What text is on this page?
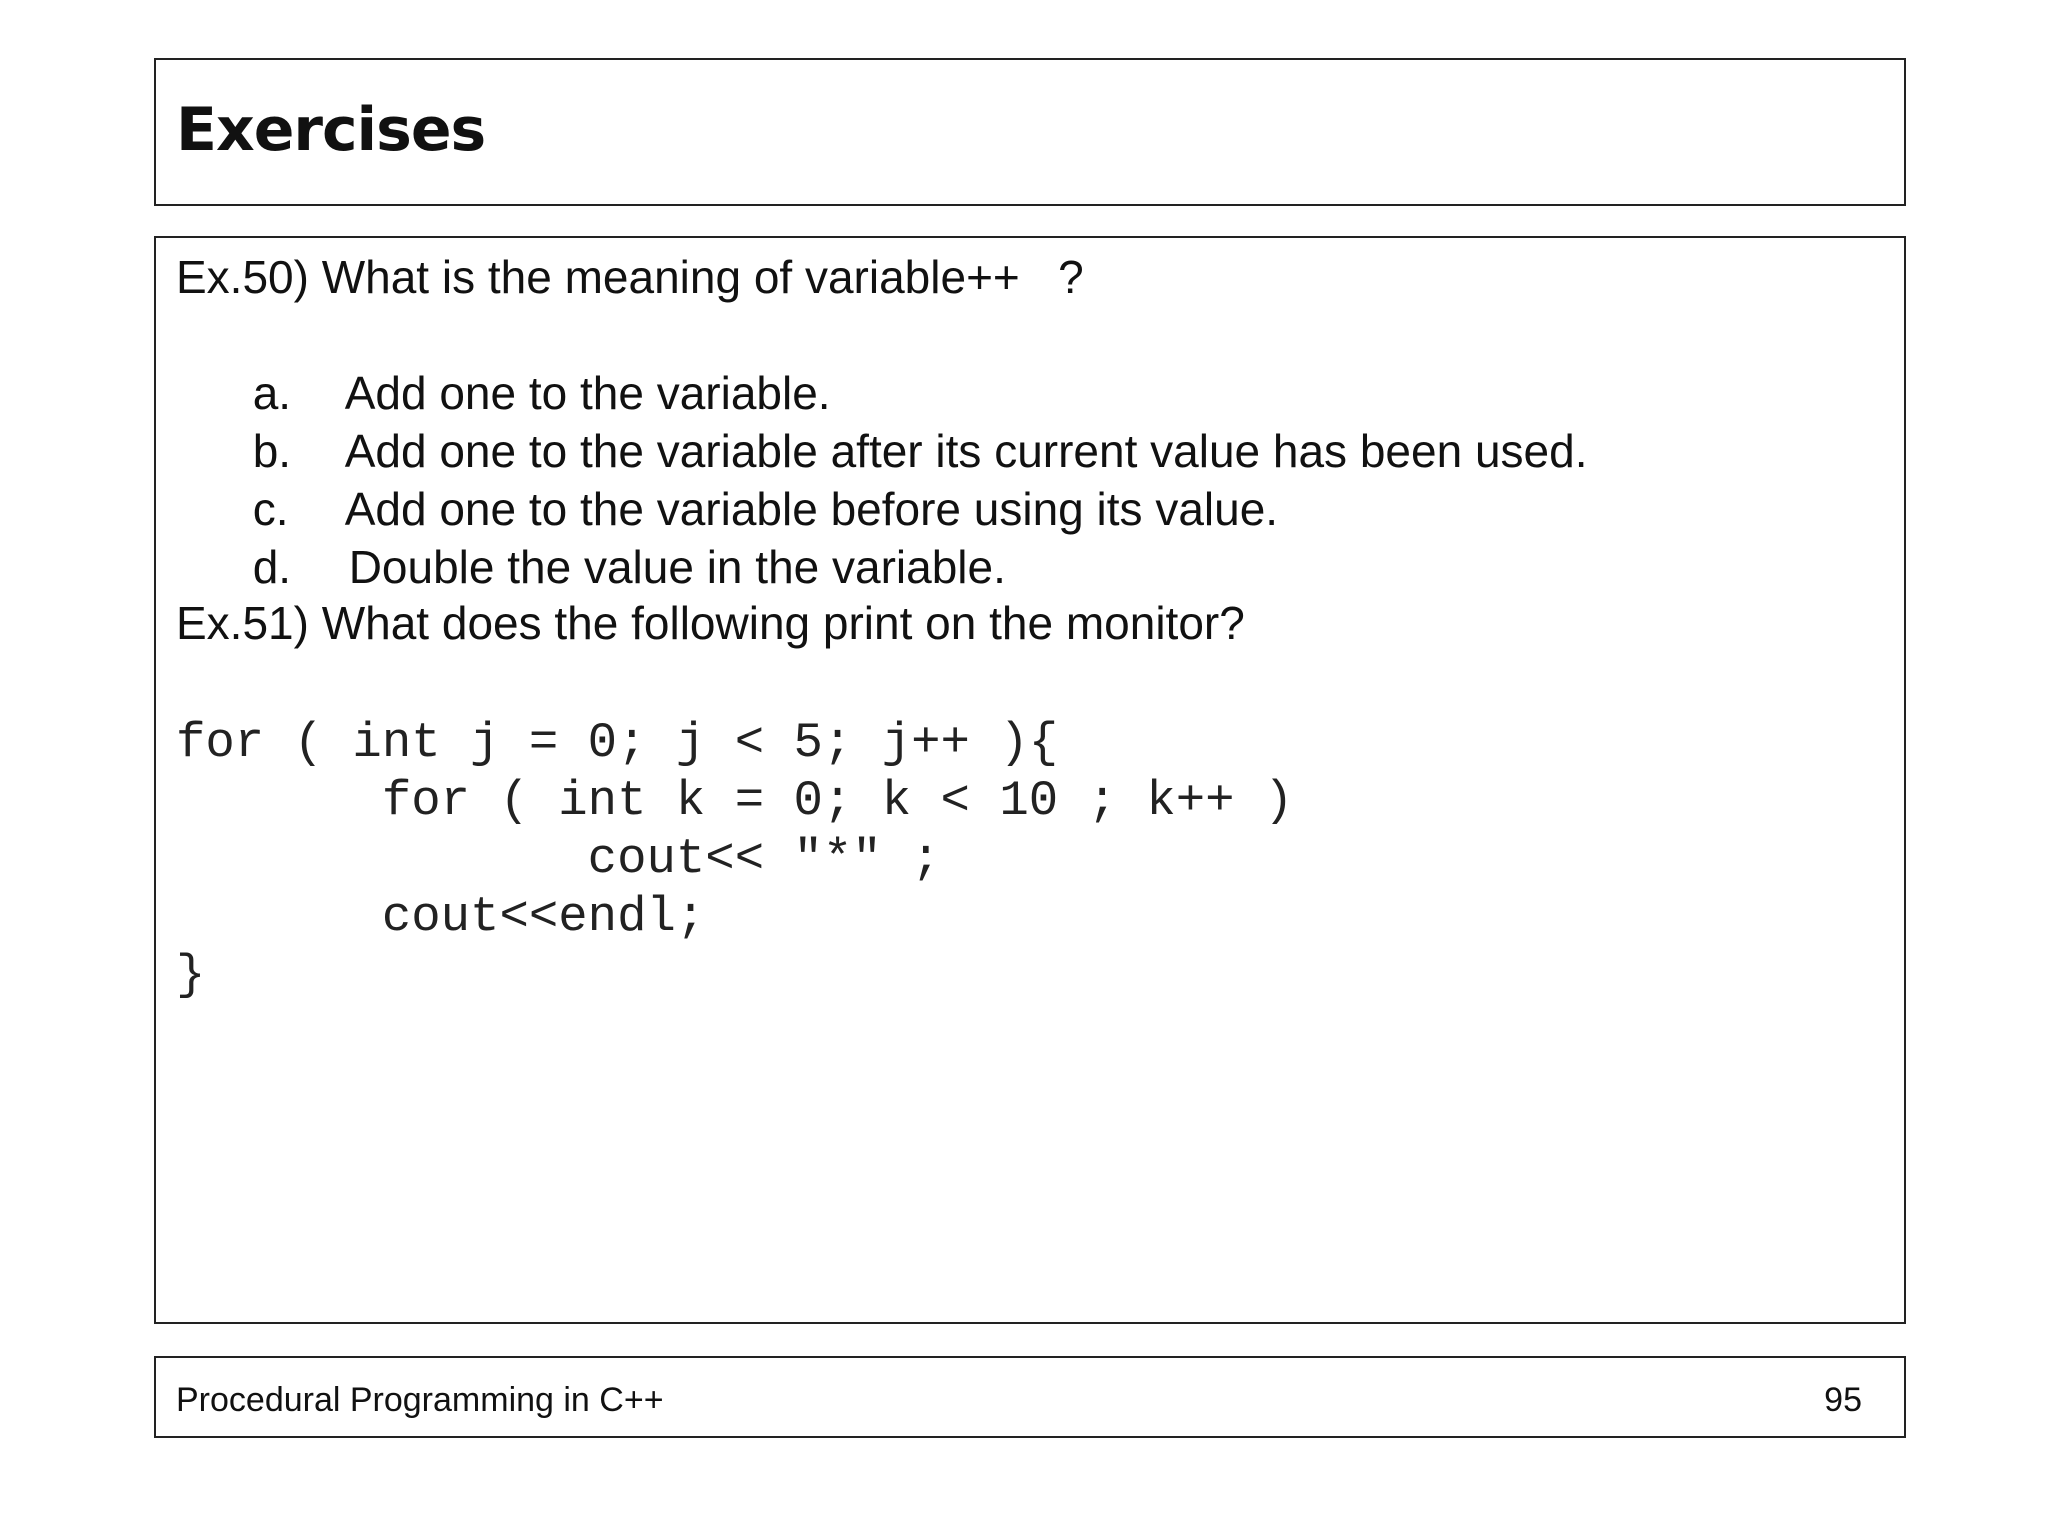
Exercises

Ex.50) What is the meaning of variable++   ?

a. Add one to the variable.

b. Add one to the variable after its current value has been used.

c. Add one to the variable before using its value.

d. Double the value in the variable.

Ex.51) What does the following print on the monitor?

for ( int j = 0; j < 5; j++ ){
for ( int k = 0; k < 10 ; k++ )
cout<< "*" ;
cout<<endl;
}
Procedural Programming in C++	95
